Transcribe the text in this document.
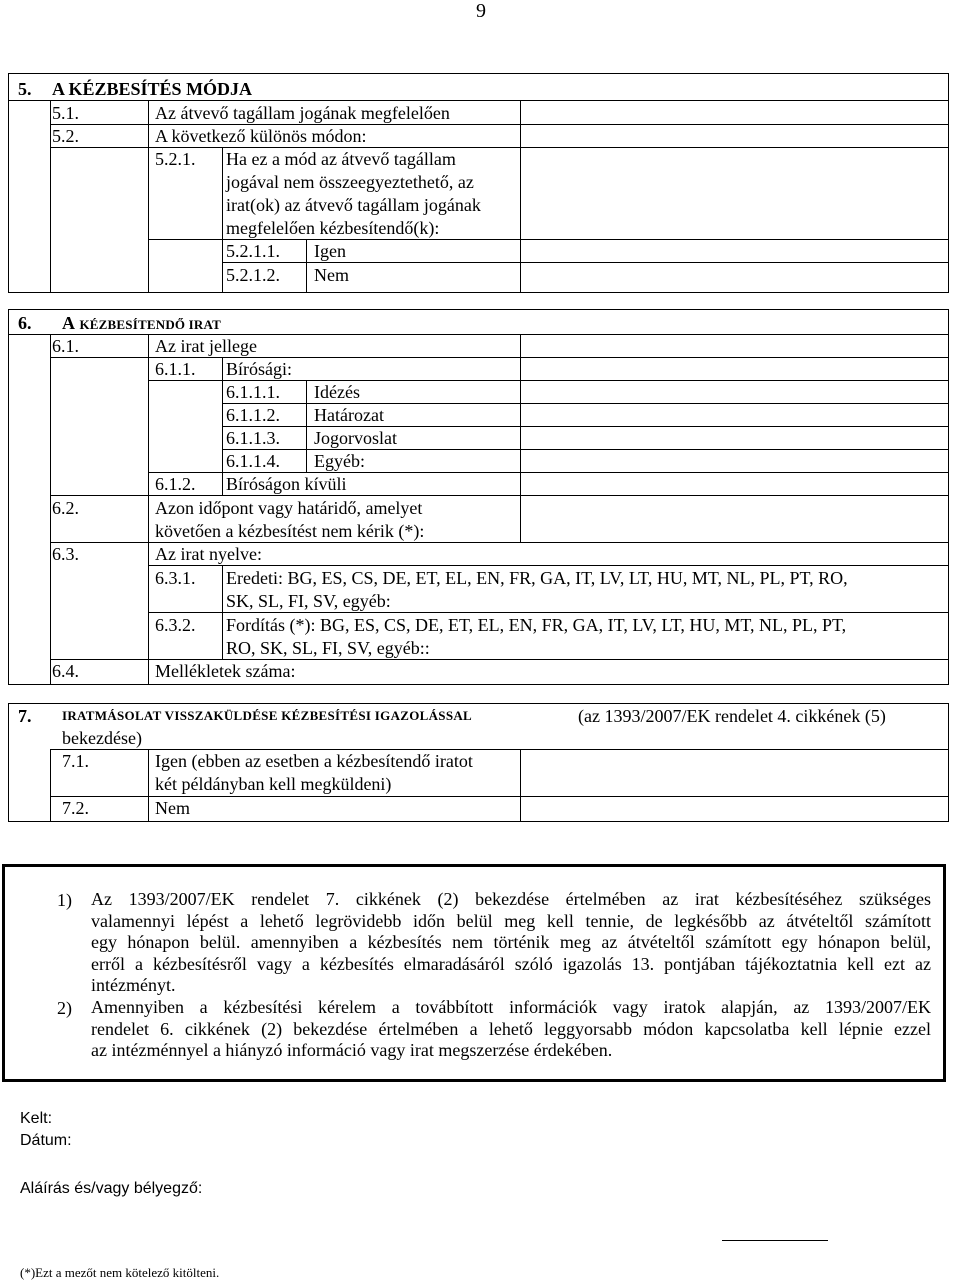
9
5. A KÉZBESÍTÉS MÓDJA
5.1.	Az átvevő tagállam jogának megfelelően
5.2.	A következő különös módon:
5.2.1. Ha ez a mód az átvevő tagállam
jogával nem összeegyeztethető, az
irat(ok) az átvevő tagállam jogának
megfelelően kézbesítendő(k):
5.2.1.1. Igen
5.2.1.2. Nem
6. A KÉZBESÍTENDŐ IRAT
6.1.	Az irat jellege
6.1.1. Bírósági:
6.1.1.1. Idézés
6.1.1.2. Határozat
6.1.1.3. Jogorvoslat
6.1.1.4. Egyéb:
6.1.2. Bíróságon kívüli
6.2.	Azon időpont vagy határidő, amelyet
követően a kézbesítést nem kérik (*):
6.3.	Az irat nyelve:
6.3.1. Eredeti: BG, ES, CS, DE, ET, EL, EN, FR, GA, IT, LV, LT, HU, MT, NL, PL, PT, RO,
SK, SL, FI, SV, egyéb:
6.3.2. Fordítás (*): BG, ES, CS, DE, ET, EL, EN, FR, GA, IT, LV, LT, HU, MT, NL, PL, PT,
RO, SK, SL, FI, SV, egyéb::
6.4.	Mellékletek száma:
7. IRATMÁSOLAT VISSZAKÜLDÉSE KÉZBESÍTÉSI IGAZOLÁSSAL	(az 1393/2007/EK rendelet 4. cikkének (5)
bekezdése)
7.1.	Igen (ebben az esetben a kézbesítendő iratot
két példányban kell megküldeni)
7.2.	Nem
1) Az 1393/2007/EK rendelet 7. cikkének (2) bekezdése értelmében az irat kézbesítéséhez szükséges
valamennyi lépést a lehető legrövidebb időn belül meg kell tennie, de legkésőbb az átvételtől számított
egy hónapon belül. amennyiben a kézbesítés nem történik meg az átvételtől számított egy hónapon belül,
erről a kézbesítésről vagy a kézbesítés elmaradásáról szóló igazolás 13. pontjában tájékoztatnia kell ezt az
intézményt.
2) Amennyiben a kézbesítési kérelem a továbbított információk vagy iratok alapján, az 1393/2007/EK
rendelet 6. cikkének (2) bekezdése értelmében a lehető leggyorsabb módon kapcsolatba kell lépnie ezzel
az intézménnyel a hiányzó információ vagy irat megszerzése érdekében.
Kelt:
Dátum:
Aláírás és/vagy bélyegző:
(*)Ezt a mezőt nem kötelező kitölteni.
